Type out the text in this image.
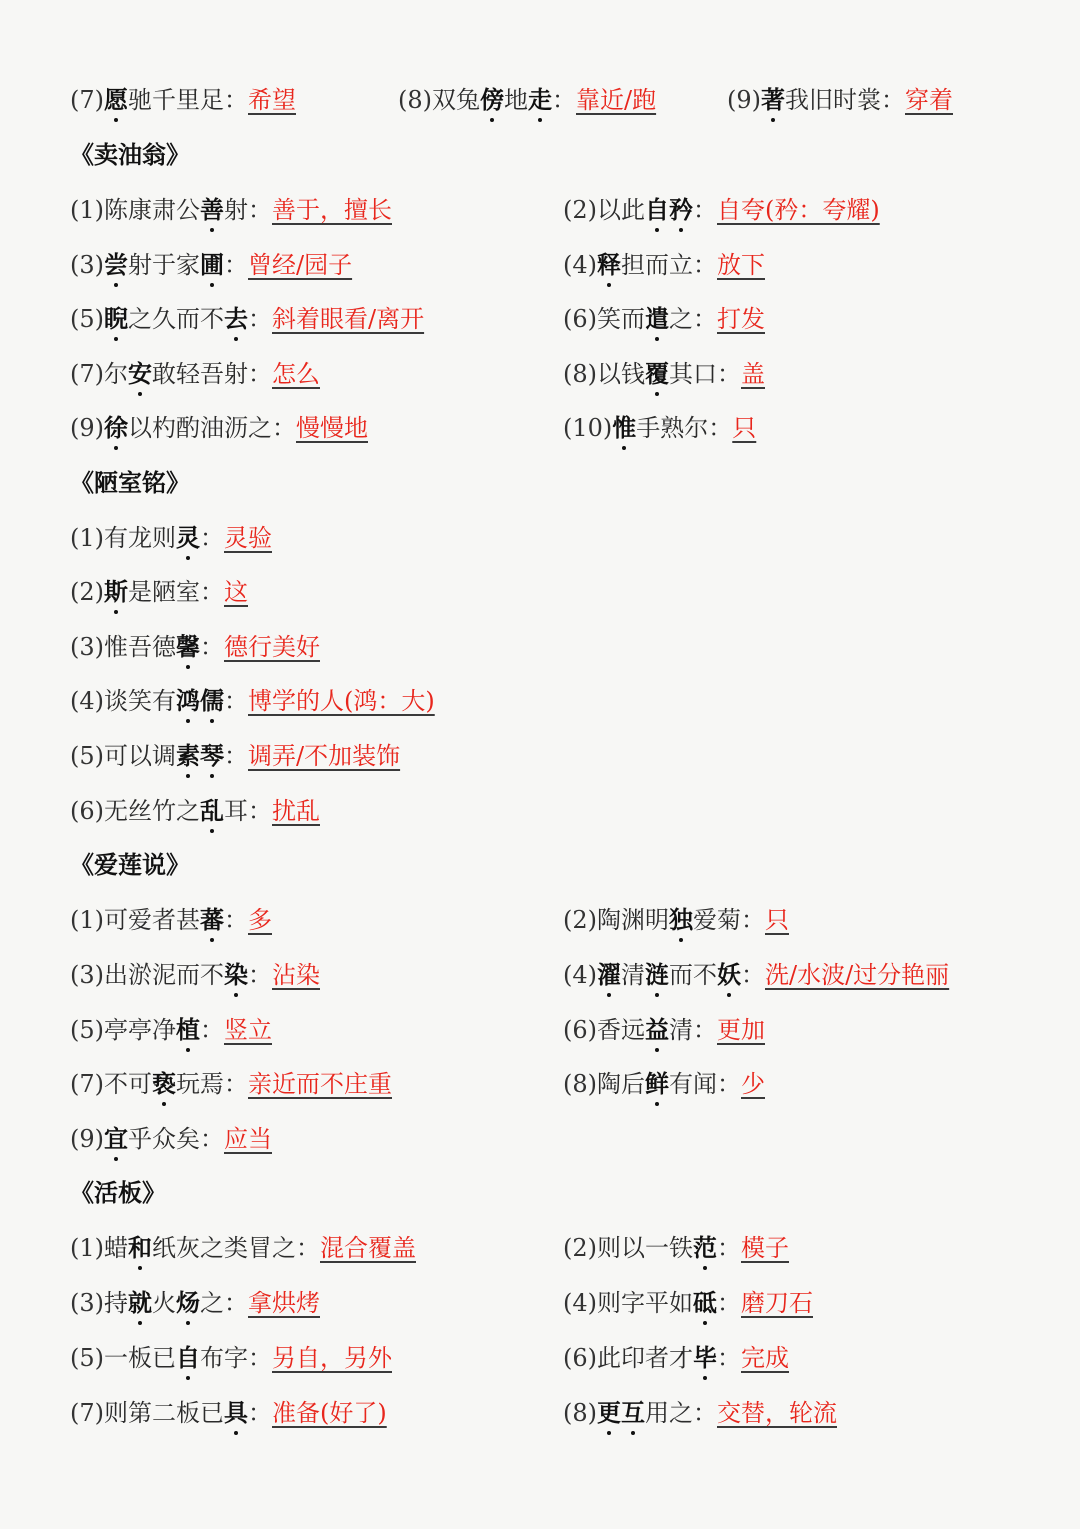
(7)愿驰千里足：希望	(8)双兔傍地走：靠近/跑	(9)著我旧时裳：穿着
《卖油翁》
(1)陈康肃公善射：善于，擅长	(2)以此自矜：自夸(矜：夸耀)
(3)尝射于家圃：曾经/园子	(4)释担而立：放下
(5)睨之久而不去：斜着眼看/离开	(6)笑而遣之：打发
(7)尔安敢轻吾射：怎么	(8)以钱覆其口：盖
(9)徐以杓酌油沥之：慢慢地	(10)惟手熟尔：只
《陋室铭》
(1)有龙则灵：灵验
(2)斯是陋室：这
(3)惟吾德馨：德行美好
(4)谈笑有鸿儒：博学的人(鸿：大)
(5)可以调素琴：调弄/不加装饰
(6)无丝竹之乱耳：扰乱
《爱莲说》
(1)可爱者甚蕃：多	(2)陶渊明独爱菊：只
(3)出淤泥而不染：沾染	(4)濯清涟而不妖：洗/水波/过分艳丽
(5)亭亭净植：竖立	(6)香远益清：更加
(7)不可亵玩焉：亲近而不庄重	(8)陶后鲜有闻：少
(9)宜乎众矣：应当
《活板》
(1)蜡和纸灰之类冒之：混合覆盖	(2)则以一铁范：模子
(3)持就火炀之：拿烘烤	(4)则字平如砥：磨刀石
(5)一板已自布字：另自，另外	(6)此印者才毕：完成
(7)则第二板已具：准备(好了)	(8)更互用之：交替，轮流
